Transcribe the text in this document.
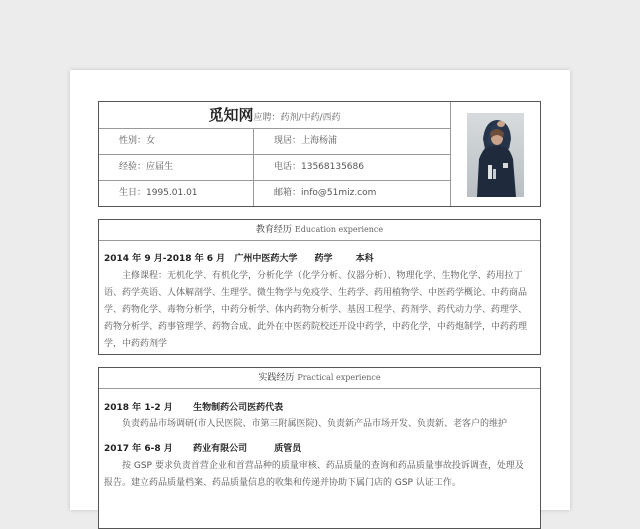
觅知网应聘：药剂/中药/西药
性别：女	现居：上海杨浦
经验：应届生	电话：13568135686
生日：1995.01.01	邮箱：info@51miz.com
教育经历 Education experience
2014 年 9 月-2018 年 6 月 广州中医药大学 药学	本科
主修课程：无机化学、有机化学，分析化学（化学分析、仪器分析）、物理化学、生物化学、药用拉丁语、药学英语、人体解剖学、生理学、微生物学与免疫学、生药学、药用植物学、中医药学概论、中药商品学、药物化学、毒物分析学，中药分析学、体内药物分析学、基因工程学、药剂学、药代动力学、药理学、药物分析学、药事管理学、药物合成、此外在中医药院校还开设中药学，中药化学，中药炮制学，中药药理学，中药药剂学
实践经历 Practical experience
2018 年 1-2 月 生物制药公司医药代表
负责药品市场调研(市人民医院、市第三附属医院)、负责新产品市场开发、负责新、老客户的维护
2017 年 6-8 月 药业有限公司	质管员
按 GSP 要求负责首营企业和首营品种的质量审核、药品质量的查询和药品质量事故投诉调查，处理及报告。建立药品质量档案、药品质量信息的收集和传递并协助下属门店的 GSP 认证工作。
